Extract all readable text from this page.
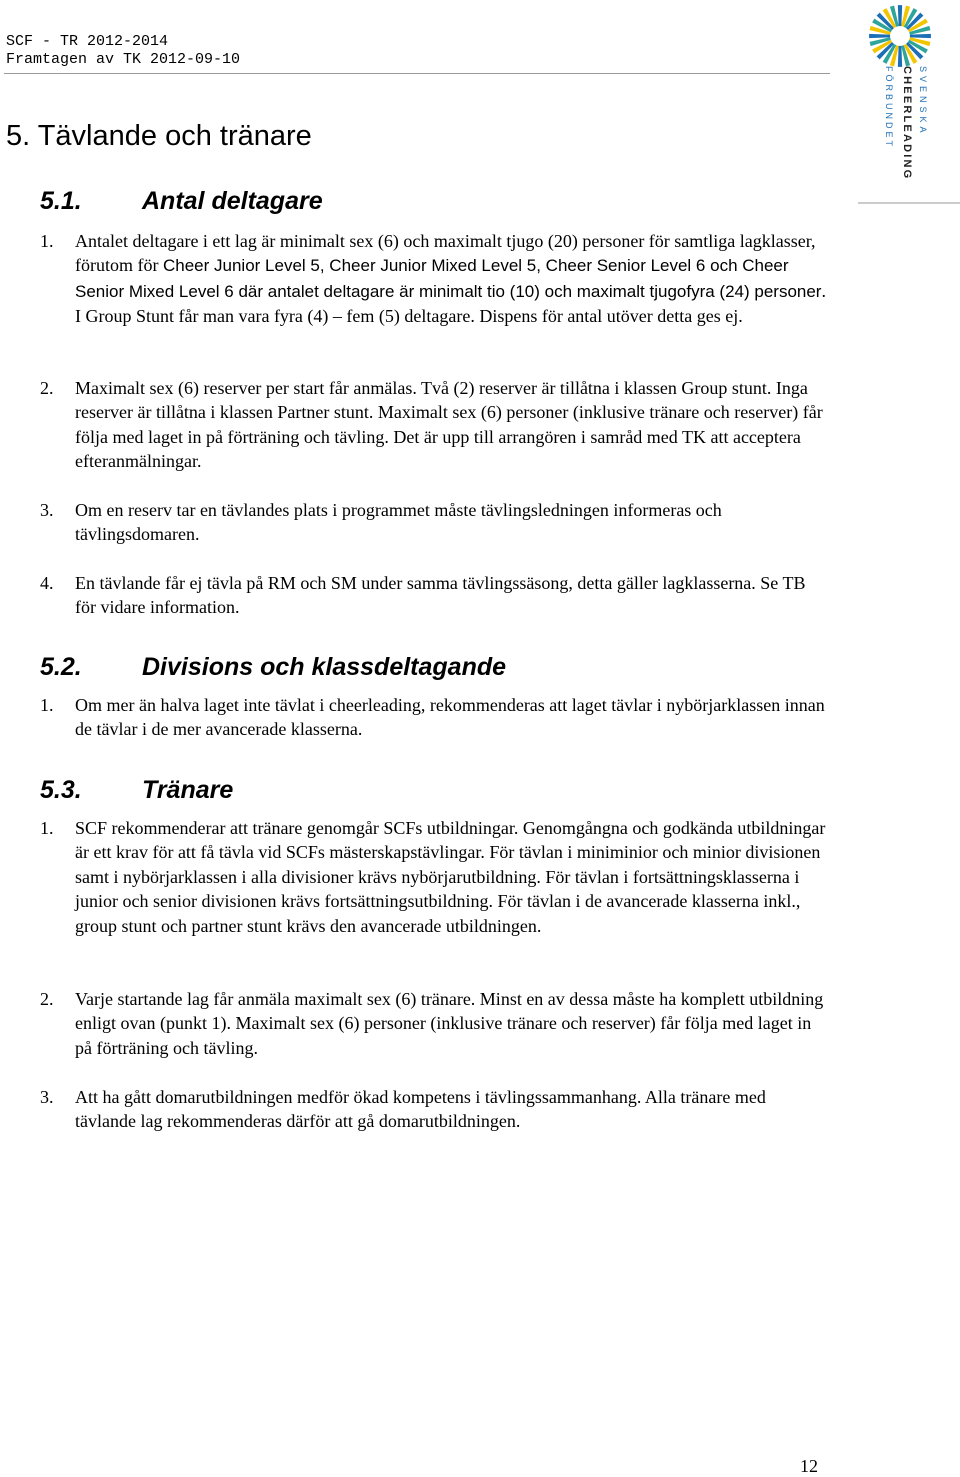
SCF - TR 2012-2014
Framtagen av TK 2012-09-10
SVENSKA
CHEERLEADING
FÖRBUNDET
5. Tävlande och tränare
5.1. Antal deltagare
1. Antalet deltagare i ett lag är minimalt sex (6) och maximalt tjugo (20) personer för samtliga lagklasser, förutom för Cheer Junior Level 5, Cheer Junior Mixed Level 5, Cheer Senior Level 6 och Cheer Senior Mixed Level 6 där antalet deltagare är minimalt tio (10) och maximalt tjugofyra (24) personer. I Group Stunt får man vara fyra (4) – fem (5) deltagare. Dispens för antal utöver detta ges ej.
2. Maximalt sex (6) reserver per start får anmälas. Två (2) reserver är tillåtna i klassen Group stunt. Inga reserver är tillåtna i klassen Partner stunt. Maximalt sex (6) personer (inklusive tränare och reserver) får följa med laget in på förträning och tävling. Det är upp till arrangören i samråd med TK att acceptera efteranmälningar.
3. Om en reserv tar en tävlandes plats i programmet måste tävlingsledningen informeras och tävlingsdomaren.
4. En tävlande får ej tävla på RM och SM under samma tävlingssäsong, detta gäller lagklasserna. Se TB för vidare information.
5.2. Divisions och klassdeltagande
1. Om mer än halva laget inte tävlat i cheerleading, rekommenderas att laget tävlar i nybörjarklassen innan de tävlar i de mer avancerade klasserna.
5.3. Tränare
1. SCF rekommenderar att tränare genomgår SCFs utbildningar. Genomgångna och godkända utbildningar är ett krav för att få tävla vid SCFs mästerskapstävlingar. För tävlan i miniminior och minior divisionen samt i nybörjarklassen i alla divisioner krävs nybörjarutbildning. För tävlan i fortsättningsklasserna i junior och senior divisionen krävs fortsättningsutbildning. För tävlan i de avancerade klasserna inkl., group stunt och partner stunt krävs den avancerade utbildningen.
2. Varje startande lag får anmäla maximalt sex (6) tränare. Minst en av dessa måste ha komplett utbildning enligt ovan (punkt 1). Maximalt sex (6) personer (inklusive tränare och reserver) får följa med laget in på förträning och tävling.
3. Att ha gått domarutbildningen medför ökad kompetens i tävlingssammanhang. Alla tränare med tävlande lag rekommenderas därför att gå domarutbildningen.
12
